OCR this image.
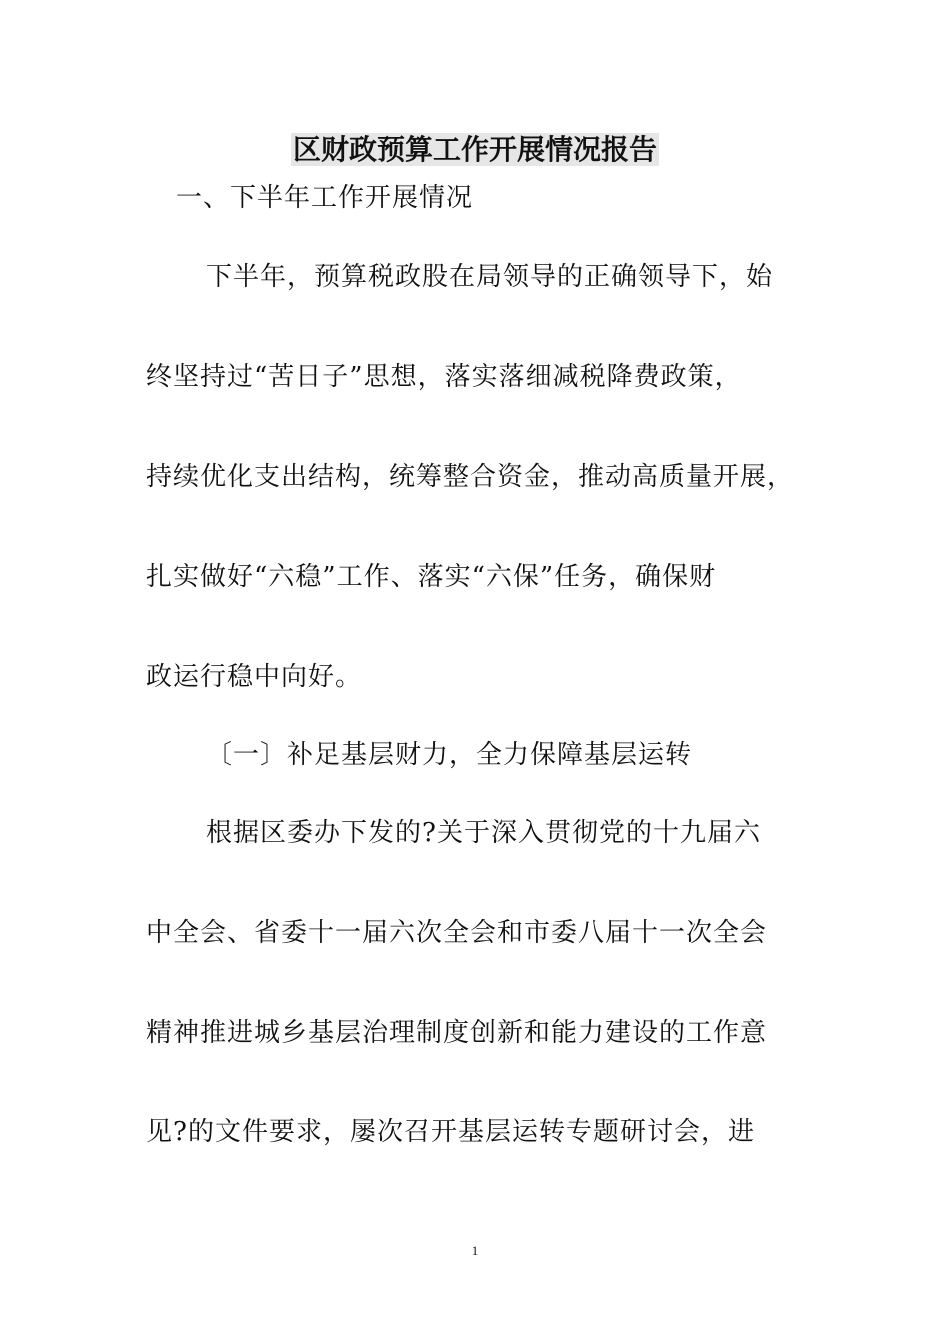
区财政预算工作开展情况报告
一、下半年工作开展情况
下半年，预算税政股在局领导的正确领导下，始
终坚持过“苦日子”思想，落实落细减税降费政策，
持续优化支出结构，统筹整合资金，推动高质量开展，
扎实做好“六稳”工作、落实“六保”任务，确保财
政运行稳中向好。
〔一〕补足基层财力，全力保障基层运转
根据区委办下发的?关于深入贯彻党的十九届六
中全会、省委十一届六次全会和市委八届十一次全会
精神推进城乡基层治理制度创新和能力建设的工作意
见?的文件要求，屡次召开基层运转专题研讨会，进
1
